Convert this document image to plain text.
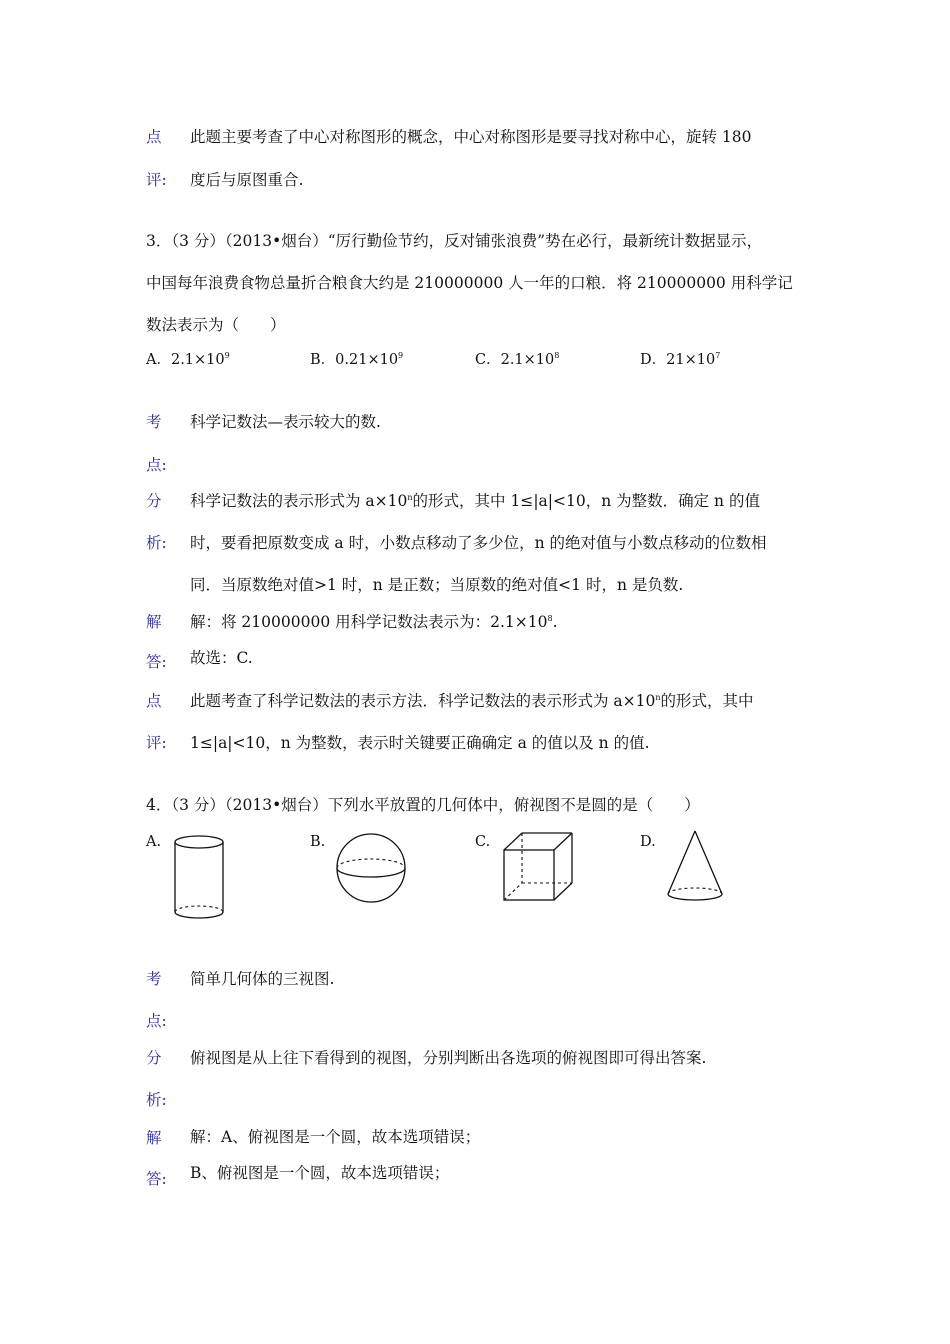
点 此题主要考查了中心对称图形的概念，中心对称图形是要寻找对称中心，旋转 180
评: 度后与原图重合.
3．（3 分）（2013•烟台）“厉行勤俭节约，反对铺张浪费”势在必行，最新统计数据显示，
中国每年浪费食物总量折合粮食大约是 210000000 人一年的口粮．将 210000000 用科学记
数法表示为（　　）
A．$2.1\times 10^9$	B．$0.21\times 10^9$	C．$2.1\times 10^8$	D．$21\times 10^7$
考 科学记数法—表示较大的数.
点:
分 科学记数法的表示形式为 $a\times 10^n$的形式，其中 1≤|a|<10，n 为整数．确定 n 的值
析: 时，要看把原数变成 a 时，小数点移动了多少位，n 的绝对值与小数点移动的位数相
同．当原数绝对值>1 时，n 是正数；当原数的绝对值<1 时，n 是负数.
解 解：将 210000000 用科学记数法表示为：$2.1\times 10^8$.
答: 故选：C.
点 此题考查了科学记数法的表示方法．科学记数法的表示形式为 $a\times 10^n$的形式，其中
评: 1≤|a|<10，n 为整数，表示时关键要正确确定 a 的值以及 n 的值.
4．（3 分）（2013•烟台）下列水平放置的几何体中，俯视图不是圆的是（　　）
A.	B.	C.	D.
考 简单几何体的三视图.
点:
分 俯视图是从上往下看得到的视图，分别判断出各选项的俯视图即可得出答案.
析:
解 解：A、俯视图是一个圆，故本选项错误；
答: B、俯视图是一个圆，故本选项错误；
